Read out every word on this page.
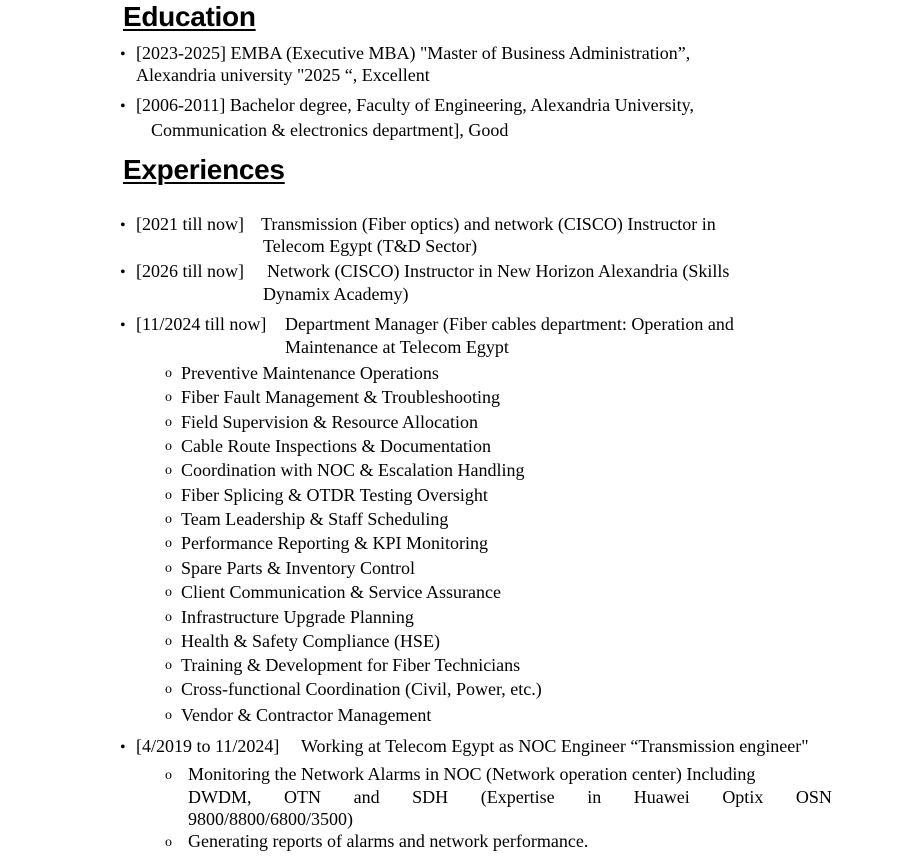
Education
• [2023-2025] EMBA (Executive MBA) "Master of Business Administration”,
Alexandria university "2025 “, Excellent
• [2006-2011] Bachelor degree, Faculty of Engineering, Alexandria University,
Communication & electronics department], Good
Experiences
• [2021 till now] Transmission (Fiber optics) and network (CISCO) Instructor in
Telecom Egypt (T&D Sector)
• [2026 till now] Network (CISCO) Instructor in New Horizon Alexandria (Skills
Dynamix Academy)
• [11/2024 till now] Department Manager (Fiber cables department: Operation and
Maintenance at Telecom Egypt
o Preventive Maintenance Operations
o Fiber Fault Management & Troubleshooting
o Field Supervision & Resource Allocation
o Cable Route Inspections & Documentation
o Coordination with NOC & Escalation Handling
o Fiber Splicing & OTDR Testing Oversight
o Team Leadership & Staff Scheduling
o Performance Reporting & KPI Monitoring
o Spare Parts & Inventory Control
o Client Communication & Service Assurance
o Infrastructure Upgrade Planning
o Health & Safety Compliance (HSE)
o Training & Development for Fiber Technicians
o Cross-functional Coordination (Civil, Power, etc.)
o Vendor & Contractor Management
• [4/2019 to 11/2024] Working at Telecom Egypt as NOC Engineer “Transmission engineer"
o Monitoring the Network Alarms in NOC (Network operation center) Including
DWDM, OTN and SDH (Expertise in Huawei Optix OSN
9800/8800/6800/3500)
o Generating reports of alarms and network performance.
